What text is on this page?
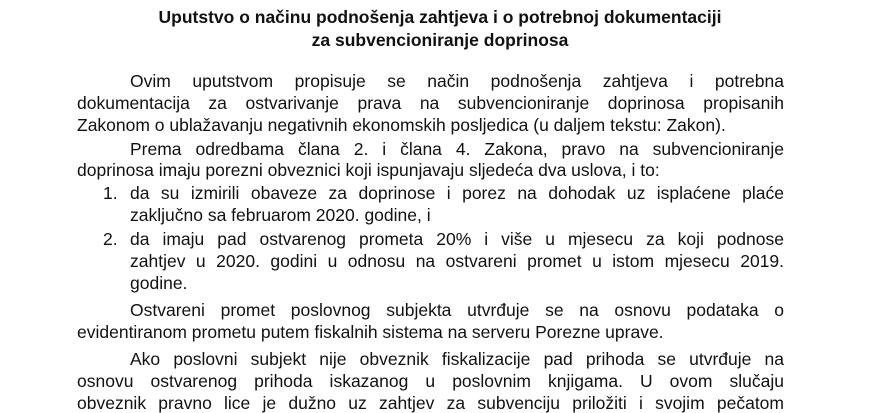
Uputstvo o načinu podnošenja zahtjeva i o potrebnoj dokumentaciji
za subvencioniranje doprinosa
Ovim uputstvom propisuje se način podnošenja zahtjeva i potrebna
dokumentacija za ostvarivanje prava na subvencioniranje doprinosa propisanih
Zakonom o ublažavanju negativnih ekonomskih posljedica (u daljem tekstu: Zakon).
Prema odredbama člana 2. i člana 4. Zakona, pravo na subvencioniranje
doprinosa imaju porezni obveznici koji ispunjavaju sljedeća dva uslova, i to:
1. da su izmirili obaveze za doprinose i porez na dohodak uz isplaćene plaće
zaključno sa februarom 2020. godine, i
2. da imaju pad ostvarenog prometa 20% i više u mjesecu za koji podnose
zahtjev u 2020. godini u odnosu na ostvareni promet u istom mjesecu 2019.
godine.
Ostvareni promet poslovnog subjekta utvrđuje se na osnovu podataka o
evidentiranom prometu putem fiskalnih sistema na serveru Porezne uprave.
Ako poslovni subjekt nije obveznik fiskalizacije pad prihoda se utvrđuje na
osnovu ostvarenog prihoda iskazanog u poslovnim knjigama. U ovom slučaju
obveznik pravno lice je dužno uz zahtjev za subvenciju priložiti i svojim pečatom
